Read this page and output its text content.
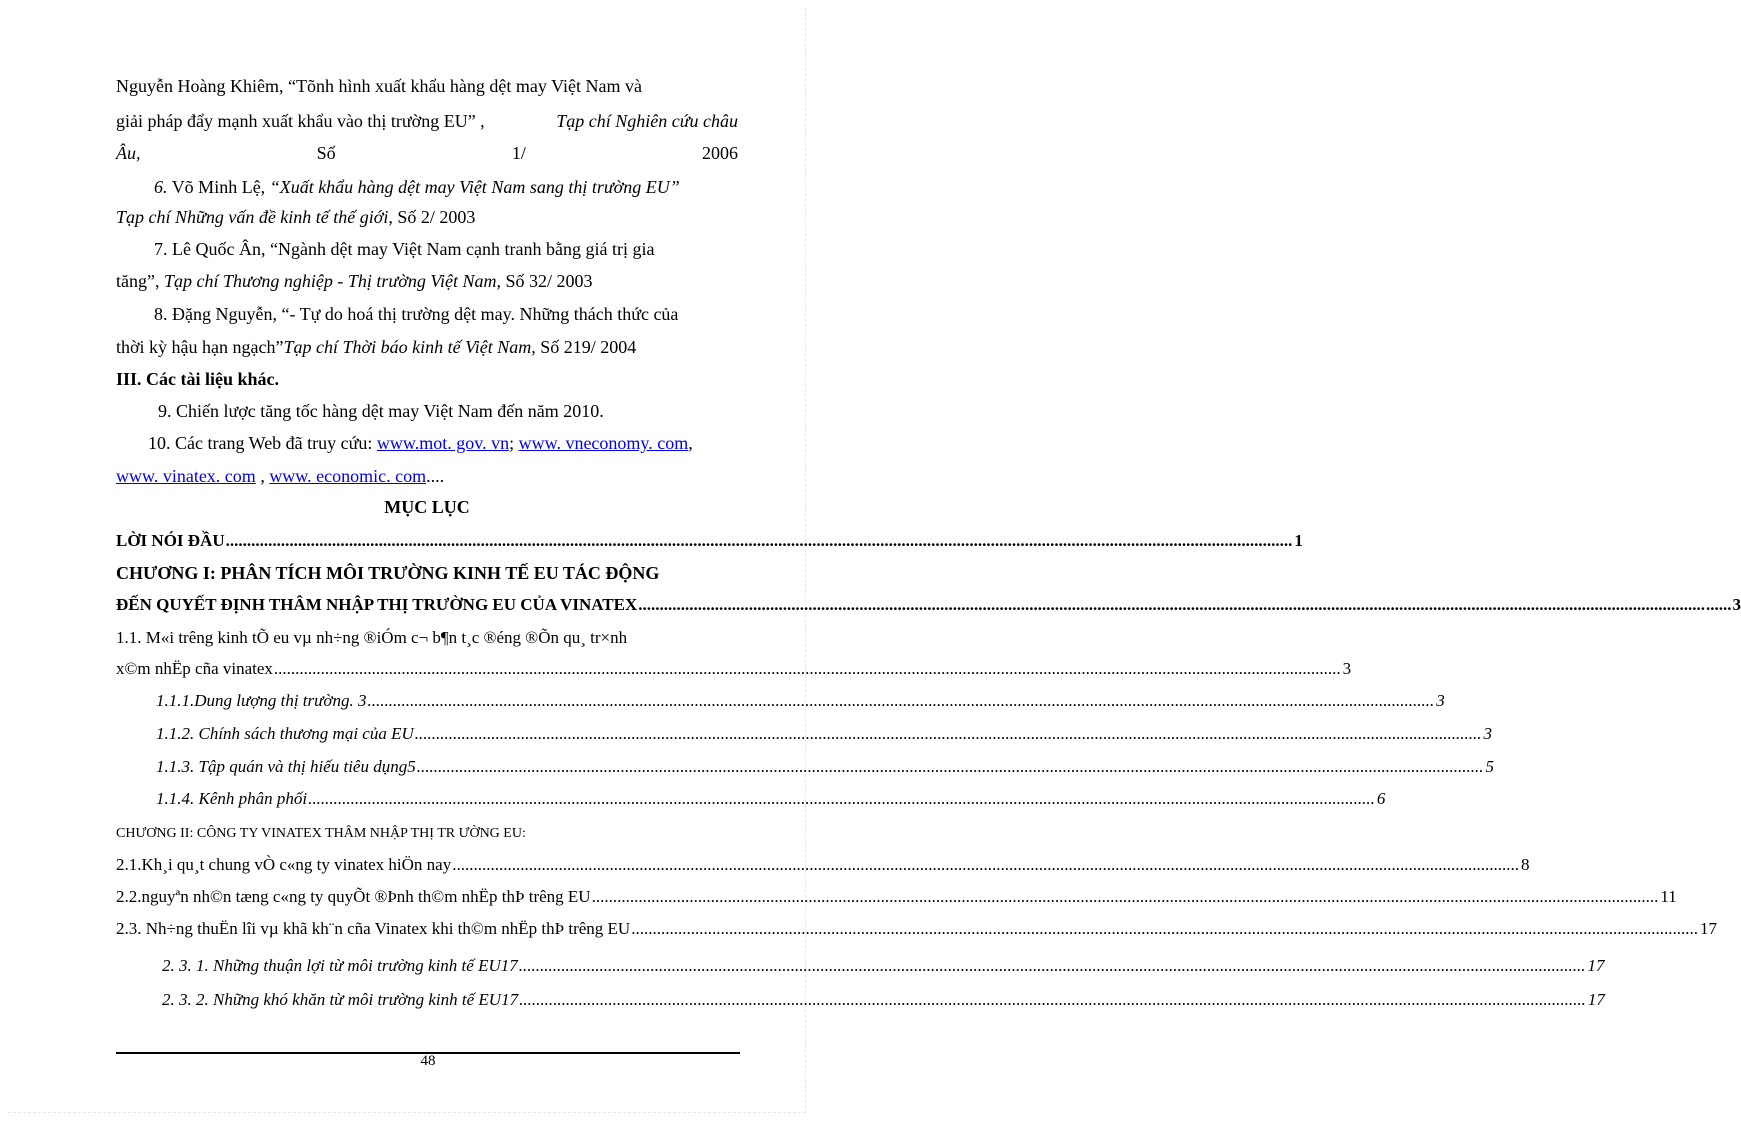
Nguyễn Hoàng Khiêm, “Tõnh hình xuất khẩu hàng dệt may Việt Nam và
giải pháp đẩy mạnh xuất khẩu vào thị trường EU” ,	Tạp chí Nghiên cứu châu
Âu,	Số	1/	2006
6. Võ Minh Lệ, “Xuất khẩu hàng dệt may Việt Nam sang thị trường EU”
Tạp chí Những vấn đề kinh tế thế giới, Số 2/ 2003
7. Lê Quốc Ân, “Ngành dệt may Việt Nam cạnh tranh bằng giá trị gia
tăng”, Tạp chí Thương nghiệp - Thị trường Việt Nam, Số 32/ 2003
8. Đặng Nguyễn, “- Tự do hoá thị trường dệt may. Những thách thức của
thời kỳ hậu hạn ngạch”Tạp chí Thời báo kinh tế Việt Nam, Số 219/ 2004
III. Các tài liệu khác.
9. Chiến lược tăng tốc hàng dệt may Việt Nam đến năm 2010.
10. Các trang Web đã truy cứu: www.mot. gov. vn; www. vneconomy. com,
www. vinatex. com , www. economic. com....
MỤC LỤC
LỜI NÓI ĐẦU .....	1
CHƯƠNG I: PHÂN TÍCH MÔI TRƯỜNG KINH TẾ EU TÁC ĐỘNG
ĐẾN QUYẾT ĐỊNH THÂM NHẬP THỊ TRƯỜNG EU CỦA VINATEX .....	...... 3
1.1. M«i trêng kinh tÕ eu vµ nh÷ng ®iÓm c¬ b¶n t¸c ®éng ®Õn qu¸ tr×nh
x©m nhËp cña vinatex .....	3
1.1.1.Dung lượng thị trường. 3 .....	3
1.1.2. Chính sách thương mại của EU .....	3
1.1.3. Tập quán và thị hiếu tiêu dụng5 .....	5
1.1.4. Kênh phân phối .....	6
CHƯƠNG II: CÔNG TY VINATEX THÂM NHẬP THỊ TR ƯỜNG EU:
2.1.Kh¸i qu¸t chung vÒ c«ng ty vinatex hiÖn nay .....	8
2.2.nguyªn nh©n tæng c«ng ty quyÕt ®Þnh th©m nhËp thÞ trêng EU .....	11
2.3. Nh÷ng thuËn lîi vµ khã kh¨n cña Vinatex khi th©m nhËp thÞ trêng EU .....	17
2. 3. 1. Những thuận lợi từ môi trường kinh tế EU17 .....	17
2. 3. 2. Những khó khăn từ môi trường kinh tế EU17 .....	17
48
